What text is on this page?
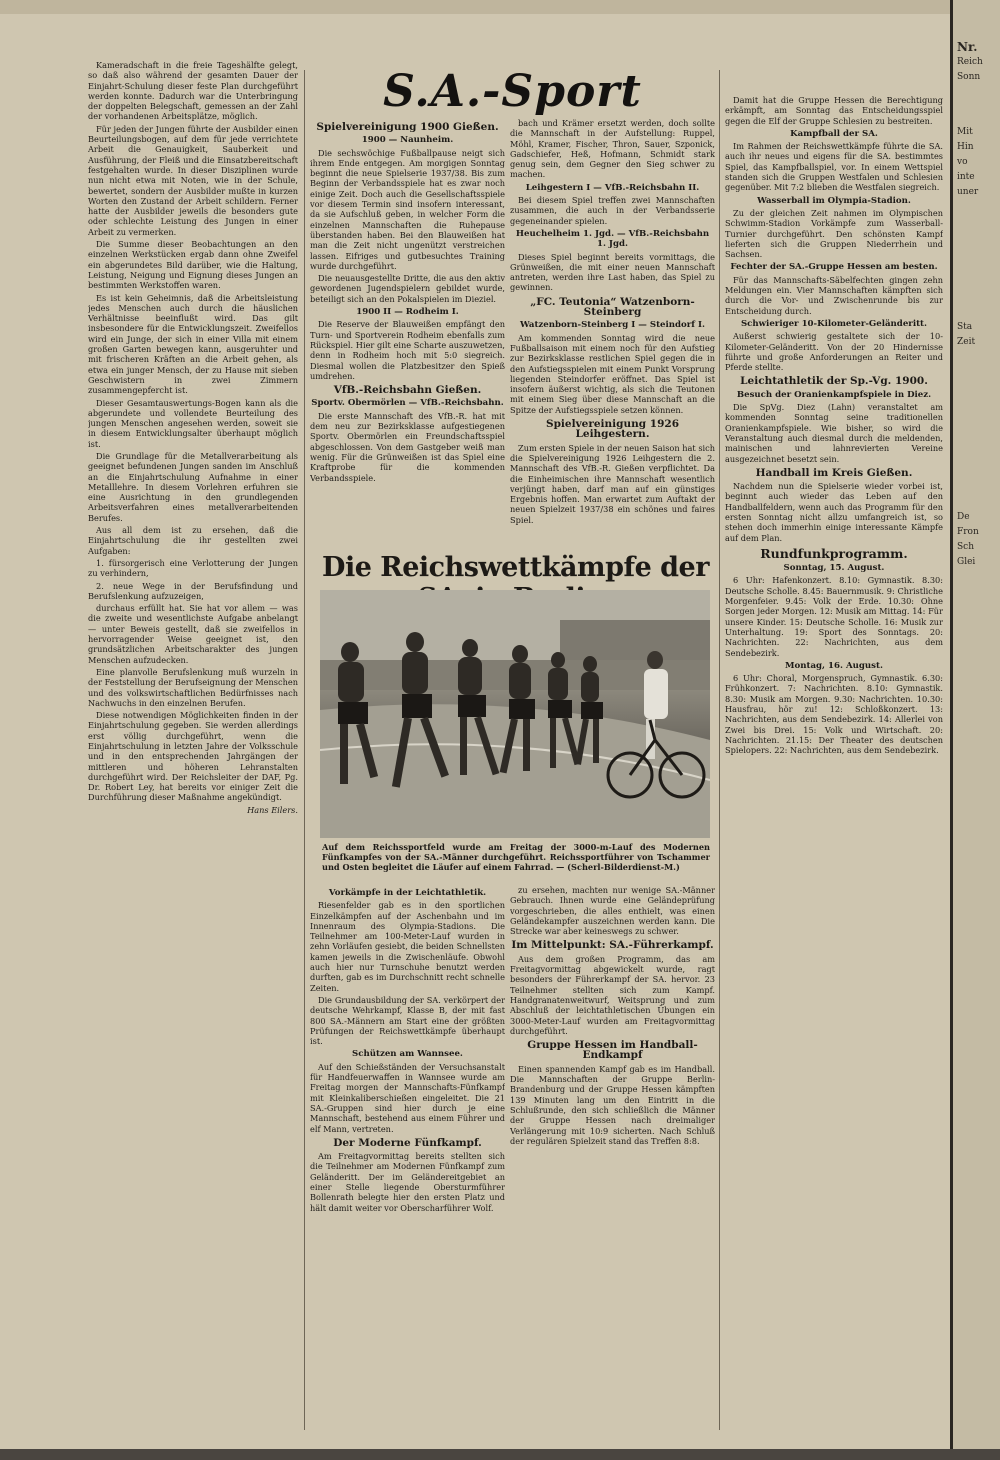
Kameradschaft in die freie Tageshälfte gelegt, so daß also während der gesamten Dauer der Einjahrt-Schulung dieser feste Plan durchgeführt werden konnte. Dadurch war die Unterbringung der doppelten Belegschaft, gemessen an der Zahl der vorhandenen Arbeitsplätze, möglich.

Für jeden der Jungen führte der Ausbilder einen Beurteilungsbogen, auf dem für jede verrichtete Arbeit die Genauigkeit, Sauberkeit und Ausführung, der Fleiß und die Einsatzbereitschaft festgehalten wurde. In dieser Disziplinen wurde nun nicht etwa mit Noten, wie in der Schule, bewertet, sondern der Ausbilder mußte in kurzen Worten den Zustand der Arbeit schildern. Ferner hatte der Ausbilder jeweils die besonders gute oder schlechte Leistung des Jungen in einer Arbeit zu vermerken.

Die Summe dieser Beobachtungen an den einzelnen Werkstücken ergab dann ohne Zweifel ein abgerundetes Bild darüber, wie die Haltung, Leistung, Neigung und Eignung dieses Jungen an bestimmten Werkstoffen waren.

Es ist kein Geheimnis, daß die Arbeitsleistung jedes Menschen auch durch die häuslichen Verhältnisse beeinflußt wird. Das gilt insbesondere für die Entwicklungszeit. Zweifellos wird ein Junge, der sich in einer Villa mit einem großen Garten bewegen kann, ausgeruhter und mit frischeren Kräften an die Arbeit gehen, als etwa ein junger Mensch, der zu Hause mit sieben Geschwistern in zwei Zimmern zusammengepfercht ist.

Dieser Gesamtauswertungs-Bogen kann als die abgerundete und vollendete Beurteilung des jungen Menschen angesehen werden, soweit sie in diesem Entwicklungsalter überhaupt möglich ist.

Die Grundlage für die Metallverarbeitung als geeignet befundenen Jungen sanden im Anschluß an die Einjahrtschulung Aufnahme in einer Metalllehre. In diesem Vorlehren erfuhren sie eine Ausrichtung in den grundlegenden Arbeitsverfahren eines metallverarbeitenden Berufes.

Aus all dem ist zu ersehen, daß die Einjahrtschulung die ihr gestellten zwei Aufgaben:

1. fürsorgerisch eine Verlotterung der Jungen zu verhindern,

2. neue Wege in der Berufsfindung und Berufslenkung aufzuzeigen,

durchaus erfüllt hat. Sie hat vor allem — was die zweite und wesentlichste Aufgabe anbelangt — unter Beweis gestellt, daß sie zweifellos in hervorragender Weise geeignet ist, den grundsätzlichen Arbeitscharakter des jungen Menschen aufzudecken.

Eine planvolle Berufslenkung muß wurzeln in der Feststellung der Berufseignung der Menschen und des volkswirtschaftlichen Bedürfnisses nach Nachwuchs in den einzelnen Berufen.

Diese notwendigen Möglichkeiten finden in der Einjahrtschulung gegeben. Sie werden allerdings erst völlig durchgeführt, wenn die Einjahrtschulung in letzten Jahre der Volksschule und in den entsprechenden Jahrgängen der mittleren und höheren Lehranstalten durchgeführt wird. Der Reichsleiter der DAF, Pg. Dr. Robert Ley, hat bereits vor einiger Zeit die Durchführung dieser Maßnahme angekündigt.

Hans Eilers.

S.A.-Sport
Spielvereinigung 1900 Gießen.
1900 — Naunheim.

Die sechswöchige Fußballpause neigt sich ihrem Ende entgegen. Am morgigen Sonntag beginnt die neue Spielserie 1937/38. Bis zum Beginn der Verbandsspiele hat es zwar noch einige Zeit. Doch auch die Gesellschaftsspiele vor diesem Termin sind insofern interessant, da sie Aufschluß geben, in welcher Form die einzelnen Mannschaften die Ruhepause überstanden haben. Bei den Blauweißen hat man die Zeit nicht ungenützt verstreichen lassen. Eifriges und gutbesuchtes Training wurde durchgeführt.

Die neuausgestellte Dritte, die aus den aktiv gewordenen Jugendspielern gebildet wurde, beteiligt sich an den Pokalspielen im Dieziel.

1900 II — Rodheim I.

Die Reserve der Blauweißen empfängt den Turn- und Sportverein Rodheim ebenfalls zum Rückspiel. Hier gilt eine Scharte auszuwetzen, denn in Rodheim hoch mit 5:0 siegreich. Diesmal wollen die Platzbesitzer den Spieß umdrehen.

VfB.-Reichsbahn Gießen.
Sportv. Obermörlen — VfB.-Reichsbahn.

Die erste Mannschaft des VfB.-R. hat mit dem neu zur Bezirksklasse aufgestiegenen Sportv. Obermörlen ein Freundschaftsspiel abgeschlossen. Von dem Gastgeber weiß man wenig. Für die Grünweißen ist das Spiel eine Kraftprobe für die kommenden Verbandsspiele.

bach und Krämer ersetzt werden, doch sollte die Mannschaft in der Aufstellung: Ruppel, Möhl, Kramer, Fischer, Thron, Sauer, Szponick, Gadschiefer, Heß, Hofmann, Schmidt stark genug sein, dem Gegner den Sieg schwer zu machen.

Leihgestern I — VfB.-Reichsbahn II.

Bei diesem Spiel treffen zwei Mannschaften zusammen, die auch in der Verbandsserie gegeneinander spielen.

Heuchelheim 1. Jgd. — VfB.-Reichsbahn 1. Jgd.

Dieses Spiel beginnt bereits vormittags, die Grünweißen, die mit einer neuen Mannschaft antreten, werden ihre Last haben, das Spiel zu gewinnen.

„FC. Teutonia“ Watzenborn-Steinberg
Watzenborn-Steinberg I — Steindorf I.

Am kommenden Sonntag wird die neue Fußballsaison mit einem noch für den Aufstieg zur Bezirksklasse restlichen Spiel gegen die in den Aufstiegsspielen mit einem Punkt Vorsprung liegenden Steindorfer eröffnet. Das Spiel ist insofern äußerst wichtig, als sich die Teutonen mit einem Sieg über diese Mannschaft an die Spitze der Aufstiegsspiele setzen können.

Spielvereinigung 1926 Leihgestern.

Zum ersten Spiele in der neuen Saison hat sich die Spielvereinigung 1926 Leihgestern die 2. Mannschaft des VfB.-R. Gießen verpflichtet. Da die Einheimischen ihre Mannschaft wesentlich verjüngt haben, darf man auf ein günstiges Ergebnis hoffen. Man erwartet zum Auftakt der neuen Spielzeit 1937/38 ein schönes und faires Spiel.

Die Reichswettkämpfe der
Auf dem Reichssportfeld wurde am Freitag der 3000-m-Lauf des Modernen Fünfkampfes von der SA.-Männer durchgeführt. Reichssportführer von Tschammer und Osten begleitet die Läufer auf einem Fahrrad. — (Scherl-Bilderdienst-M.)
Vorkämpfe in der Leichtathletik.

Riesenfelder gab es in den sportlichen Einzelkämpfen auf der Aschenbahn und im Innenraum des Olympia-Stadions. Die Teilnehmer am 100-Meter-Lauf wurden in zehn Vorläufen gesiebt, die beiden Schnellsten kamen jeweils in die Zwischenläufe. Obwohl auch hier nur Turnschuhe benutzt werden durften, gab es im Durchschnitt recht schnelle Zeiten.

Die Grundausbildung der SA. verkörpert der deutsche Wehrkampf, Klasse B, der mit fast 800 SA.-Männern am Start eine der größten Prüfungen der Reichswettkämpfe überhaupt ist.

Schützen am Wannsee.

Auf den Schießständen der Versuchsanstalt für Handfeuerwaffen in Wannsee wurde am Freitag morgen der Mannschafts-Fünfkampf mit Kleinkaliberschießen eingeleitet. Die 21 SA.-Gruppen sind hier durch je eine Mannschaft, bestehend aus einem Führer und elf Mann, vertreten.

Der Moderne Fünfkampf.

Am Freitagvormittag bereits stellten sich die Teilnehmer am Modernen Fünfkampf zum Geländeritt. Der im Geländereitgebiet an einer Stelle liegende Obersturmführer Bollenrath belegte hier den ersten Platz und hält damit weiter vor Oberscharführer Wolf.

zu ersehen, machten nur wenige SA.-Männer Gebrauch. Ihnen wurde eine Geländeprüfung vorgeschrieben, die alles enthielt, was einen Geländekampfer auszeichnen werden kann. Die Strecke war aber keineswegs zu schwer.

Im Mittelpunkt: SA.-Führerkampf.

Aus dem großen Programm, das am Freitagvormittag abgewickelt wurde, ragt besonders der Führerkampf der SA. hervor. 23 Teilnehmer stellten sich zum Kampf. Handgranatenweitwurf, Weitsprung und zum Abschluß der leichtathletischen Übungen ein 3000-Meter-Lauf wurden am Freitagvormittag durchgeführt.

Gruppe Hessen im Handball-Endkampf

Einen spannenden Kampf gab es im Handball. Die Mannschaften der Gruppe Berlin-Brandenburg und der Gruppe Hessen kämpften 139 Minuten lang um den Eintritt in die Schlußrunde, den sich schließlich die Männer der Gruppe Hessen nach dreimaliger Verlängerung mit 10:9 sicherten. Nach Schluß der regulären Spielzeit stand das Treffen 8:8.

Damit hat die Gruppe Hessen die Berechtigung erkämpft, am Sonntag das Entscheidungsspiel gegen die Elf der Gruppe Schlesien zu bestreiten.

Kampfball der SA.

Im Rahmen der Reichswettkämpfe führte die SA. auch ihr neues und eigens für die SA. bestimmtes Spiel, das Kampfballspiel, vor. In einem Wettspiel standen sich die Gruppen Westfalen und Schlesien gegenüber. Mit 7:2 blieben die Westfalen siegreich.

Wasserball im Olympia-Stadion.

Zu der gleichen Zeit nahmen im Olympischen Schwimm-Stadion Vorkämpfe zum Wasserball-Turnier durchgeführt. Den schönsten Kampf lieferten sich die Gruppen Niederrhein und Sachsen.

Fechter der SA.-Gruppe Hessen am besten.

Für das Mannschafts-Säbelfechten gingen zehn Meldungen ein. Vier Mannschaften kämpften sich durch die Vor- und Zwischenrunde bis zur Entscheidung durch.

Schwieriger 10-Kilometer-Geländeritt.

Außerst schwierig gestaltete sich der 10-Kilometer-Geländeritt. Von der 20 Hindernisse führte und große Anforderungen an Reiter und Pferde stellte.

Leichtathletik der Sp.-Vg. 1900.
Besuch der Oranienkampfspiele in Diez.

Die SpVg. Diez (Lahn) veranstaltet am kommenden Sonntag seine traditionellen Oranienkampfspiele. Wie bisher, so wird die Veranstaltung auch diesmal durch die meldenden, mainischen und lahnrevierten Vereine ausgezeichnet besetzt sein.

Handball im Kreis Gießen.

Nachdem nun die Spielserie wieder vorbei ist, beginnt auch wieder das Leben auf den Handballfeldern, wenn auch das Programm für den ersten Sonntag nicht allzu umfangreich ist, so stehen doch immerhin einige interessante Kämpfe auf dem Plan.

Rundfunkprogramm.
Sonntag, 15. August.

6 Uhr: Hafenkonzert. 8.10: Gymnastik. 8.30: Deutsche Scholle. 8.45: Bauernmusik. 9: Christliche Morgenfeier. 9.45: Volk der Erde. 10.30: Ohne Sorgen jeder Morgen. 12: Musik am Mittag. 14: Für unsere Kinder. 15: Deutsche Scholle. 16: Musik zur Unterhaltung. 19: Sport des Sonntags. 20: Nachrichten. 22: Nachrichten, aus dem Sendebezirk.

Montag, 16. August.

6 Uhr: Choral, Morgenspruch, Gymnastik. 6.30: Frühkonzert. 7: Nachrichten. 8.10: Gymnastik. 8.30: Musik am Morgen. 9.30: Nachrichten. 10.30: Hausfrau, hör zu! 12: Schloßkonzert. 13: Nachrichten, aus dem Sendebezirk. 14: Allerlei von Zwei bis Drei. 15: Volk und Wirtschaft. 20: Nachrichten. 21.15: Der Theater des deutschen Spielopers. 22: Nachrichten, aus dem Sendebezirk.

Nr.
Reich
Sonn
Mit
Hin
vo
inte
uner
Sta
Zeit
De
Fron
Sch
Glei
